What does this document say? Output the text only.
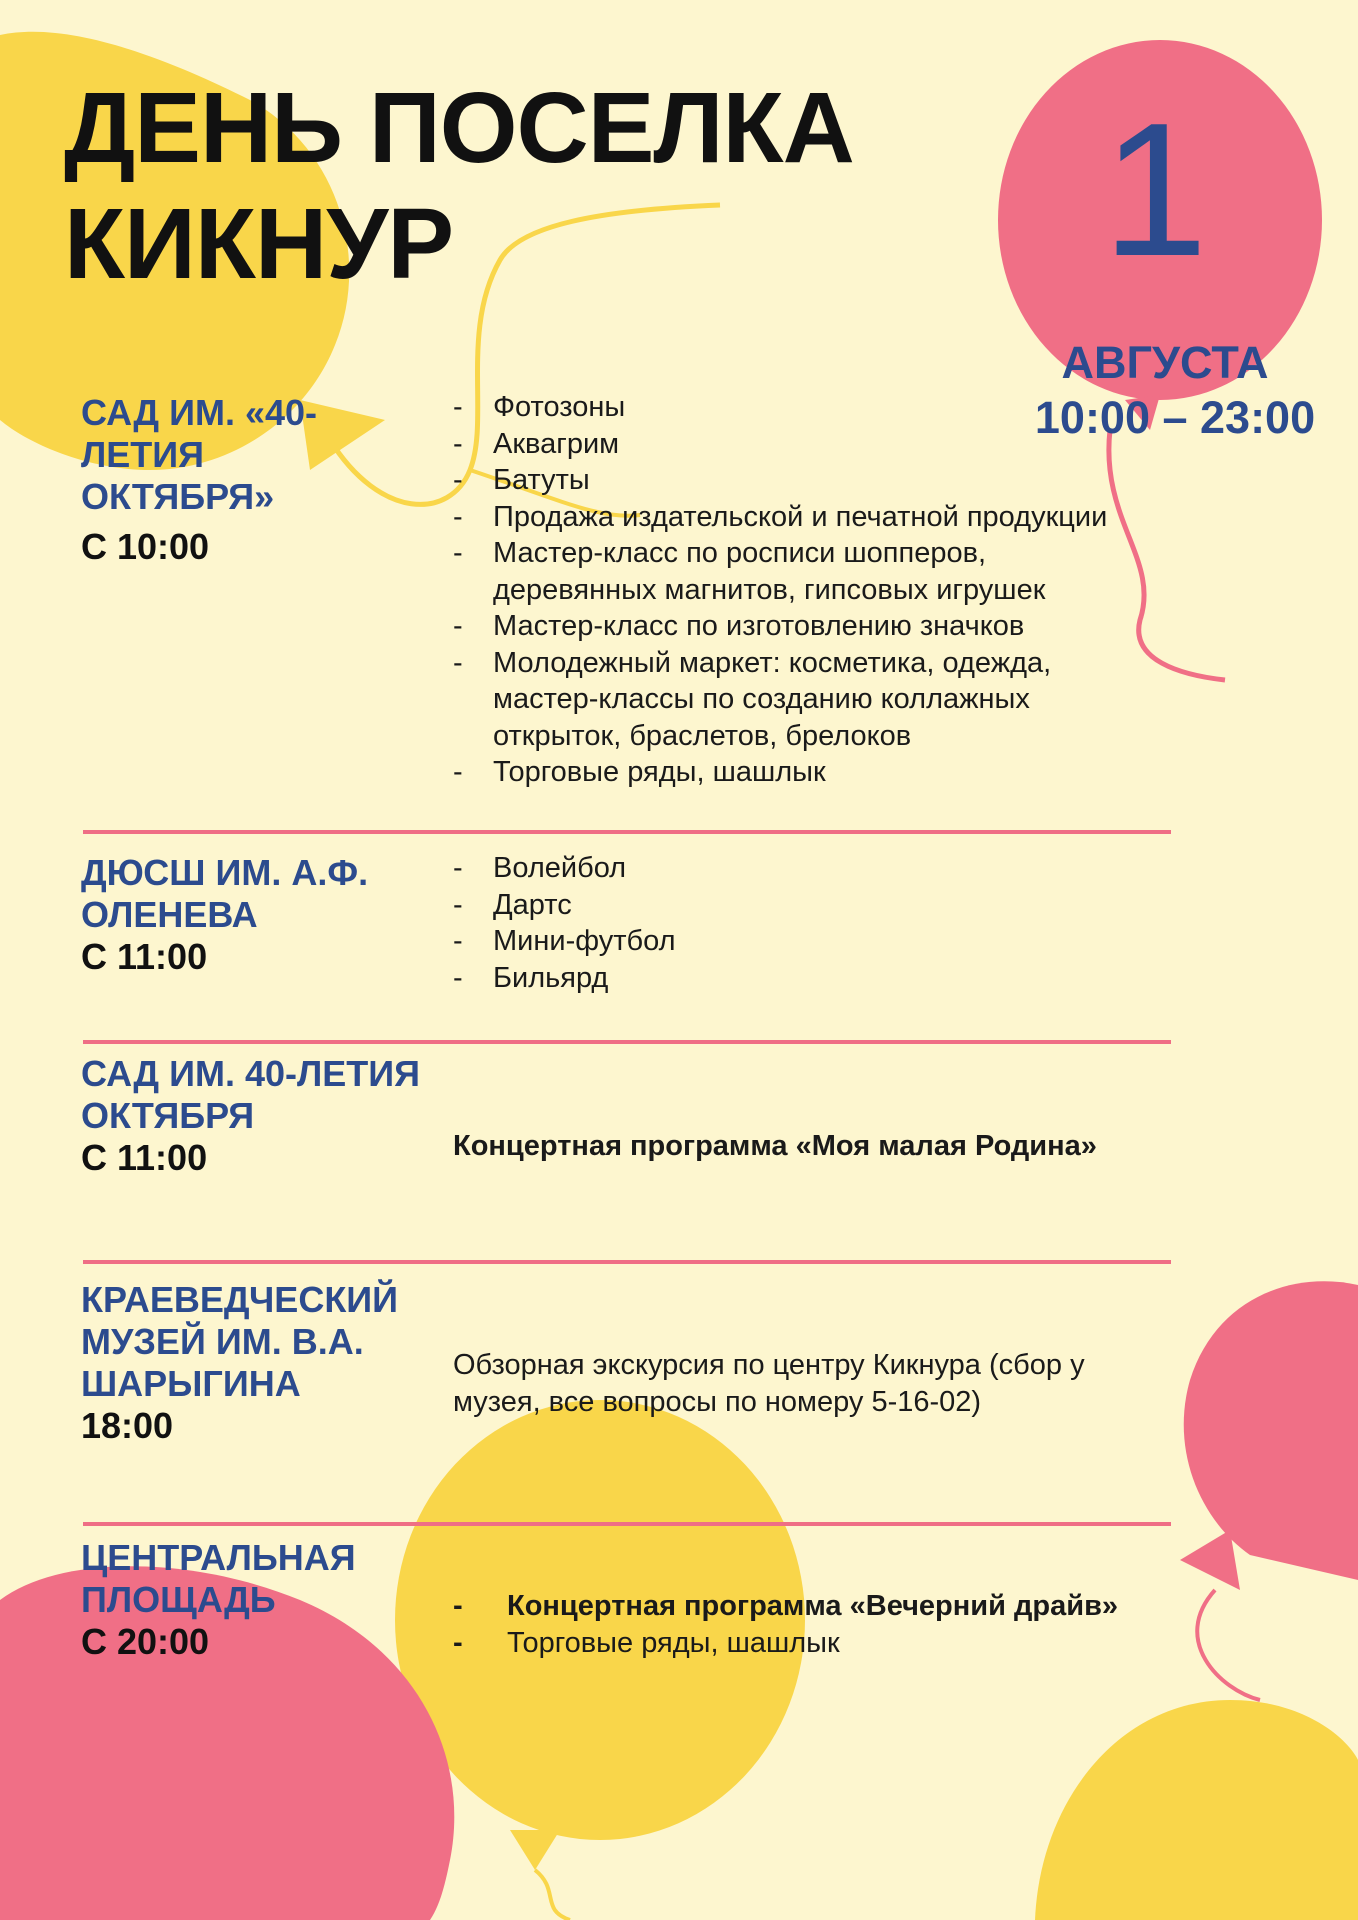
ДЕНЬ ПОСЕЛКА
КИКНУР	1
АВГУСТА
10:00 – 23:00
САД ИМ. «40-ЛЕТИЯ ОКТЯБРЯ»
С 10:00
- Фотозоны
- Аквагрим
- Батуты
- Продажа издательской и печатной продукции
- Мастер-класс по росписи шопперов, деревянных магнитов, гипсовых игрушек
- Мастер-класс по изготовлению значков
- Молодежный маркет: косметика, одежда, мастер-классы по созданию коллажных открыток, браслетов, брелоков
- Торговые ряды, шашлык
ДЮСШ ИМ. А.Ф. ОЛЕНЕВА
С 11:00
- Волейбол
- Дартс
- Мини-футбол
- Бильярд
САД ИМ. 40-ЛЕТИЯ ОКТЯБРЯ
С 11:00	Концертная программа «Моя малая Родина»
КРАЕВЕДЧЕСКИЙ МУЗЕЙ ИМ. В.А. ШАРЫГИНА
18:00
Обзорная экскурсия по центру Кикнура (сбор у музея, все вопросы по номеру 5-16-02)
ЦЕНТРАЛЬНАЯ ПЛОЩАДЬ
С 20:00
- Концертная программа «Вечерний драйв»
- Торговые ряды, шашлык
